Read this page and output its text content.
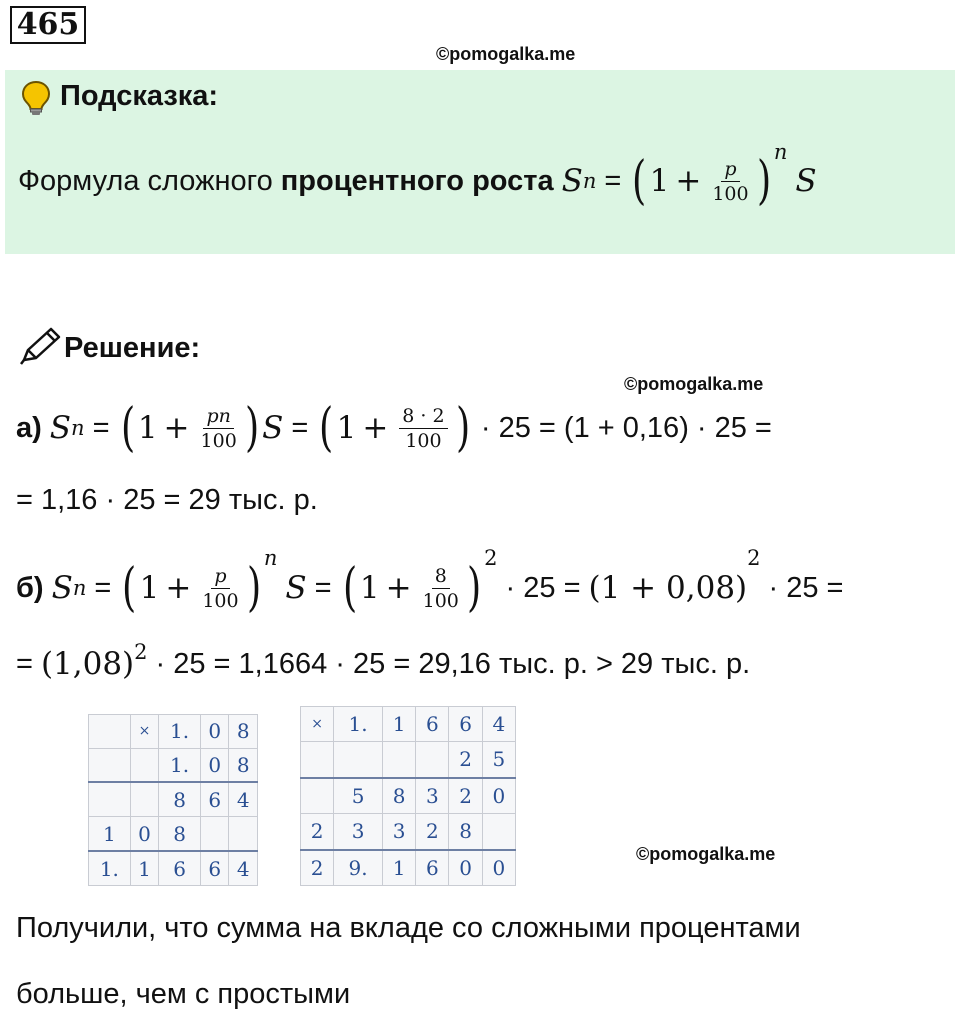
465
©pomogalka.me
Подсказка:
Формула сложного процентного роста S n = ( $1 + \frac{p}{100}$ ) n
S
Решение:
©pomogalka.me
а) S n = ( $1 + \frac{pn}{100}$ ) S = ( $1 + \frac{8 \cdot 2}{100}$ ) · 25 = (1 + 0,16) · 25 =
= 1,16 · 25 = 29 тыс. р.
б) S n = ( $1 + \frac{p}{100}$ ) n
S = ( $1 + \frac{8}{100}$ ) 2
· 25 = (1 + 0,08)
2
· 25 =
= (1,08) 2 · 25 = 1,1664 · 25 = 29,16 тыс. р. > 29 тыс. р.
	×	1.	0	8
		1.	0	8
		8	6	4
1	0	8		
1.	1	6	6	4
×	1.	1	6	6	4
				2	5
	5	8	3	2	0
2	3	3	2	8	
2	9.	1	6	0	0
©pomogalka.me
Получили, что сумма на вкладе со сложными процентами
больше, чем с простыми
